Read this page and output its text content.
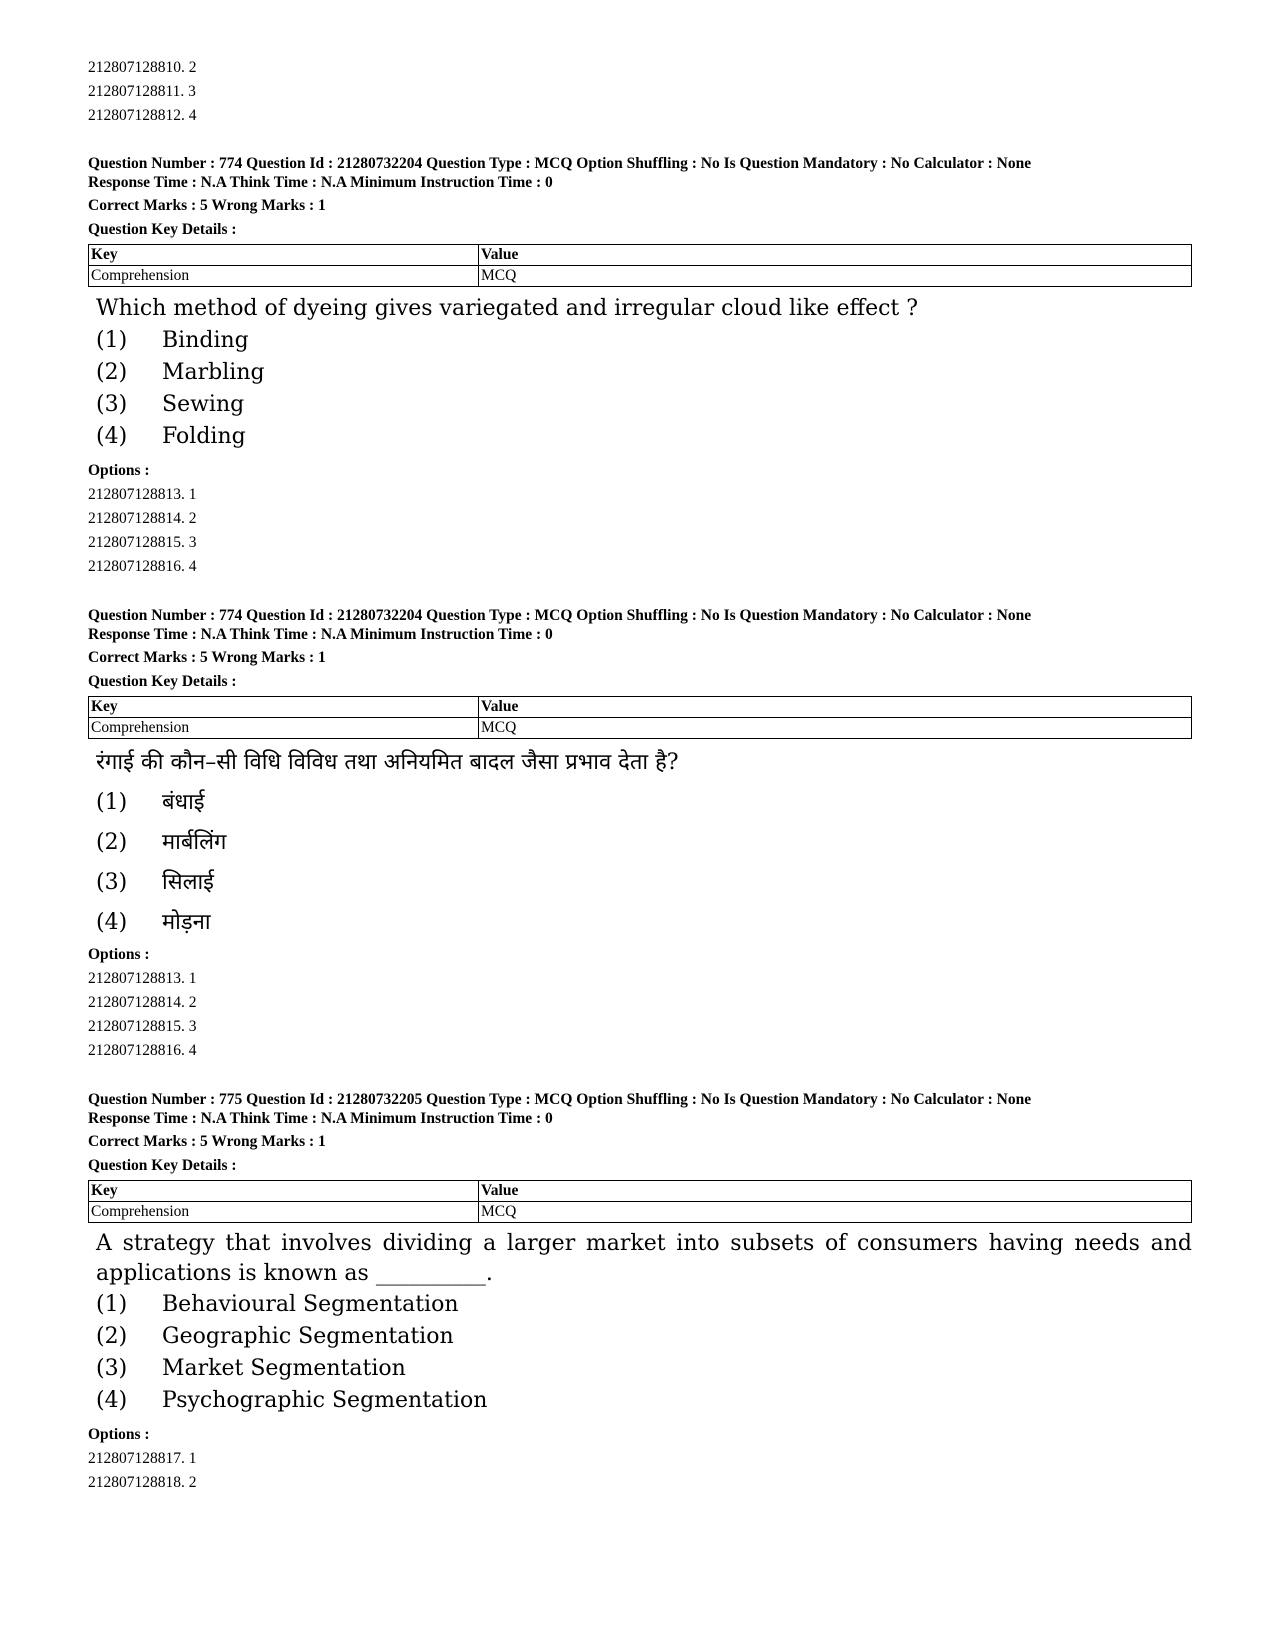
212807128810. 2
212807128811. 3
212807128812. 4
Question Number : 774 Question Id : 21280732204 Question Type : MCQ Option Shuffling : No Is Question Mandatory : No Calculator : None
Response Time : N.A Think Time : N.A Minimum Instruction Time : 0
Correct Marks : 5 Wrong Marks : 1
Question Key Details :
Key	Value
Comprehension	MCQ
Which method of dyeing gives variegated and irregular cloud like effect ?
(1)	Binding
(2)	Marbling
(3)	Sewing
(4)	Folding
Options :
212807128813. 1
212807128814. 2
212807128815. 3
212807128816. 4
Question Number : 774 Question Id : 21280732204 Question Type : MCQ Option Shuffling : No Is Question Mandatory : No Calculator : None
Response Time : N.A Think Time : N.A Minimum Instruction Time : 0
Correct Marks : 5 Wrong Marks : 1
Question Key Details :
Key	Value
Comprehension	MCQ
रंगाई की कौन–सी विधि विविध तथा अनियमित बादल जैसा प्रभाव देता है?
(1)	बंधाई
(2)	मार्बलिंग
(3)	सिलाई
(4)	मोड़ना
Options :
212807128813. 1
212807128814. 2
212807128815. 3
212807128816. 4
Question Number : 775 Question Id : 21280732205 Question Type : MCQ Option Shuffling : No Is Question Mandatory : No Calculator : None
Response Time : N.A Think Time : N.A Minimum Instruction Time : 0
Correct Marks : 5 Wrong Marks : 1
Question Key Details :
Key	Value
Comprehension	MCQ
A strategy that involves dividing a larger market into subsets of consumers having needs and applications is known as __________.
(1)	Behavioural Segmentation
(2)	Geographic Segmentation
(3)	Market Segmentation
(4)	Psychographic Segmentation
Options :
212807128817. 1
212807128818. 2
